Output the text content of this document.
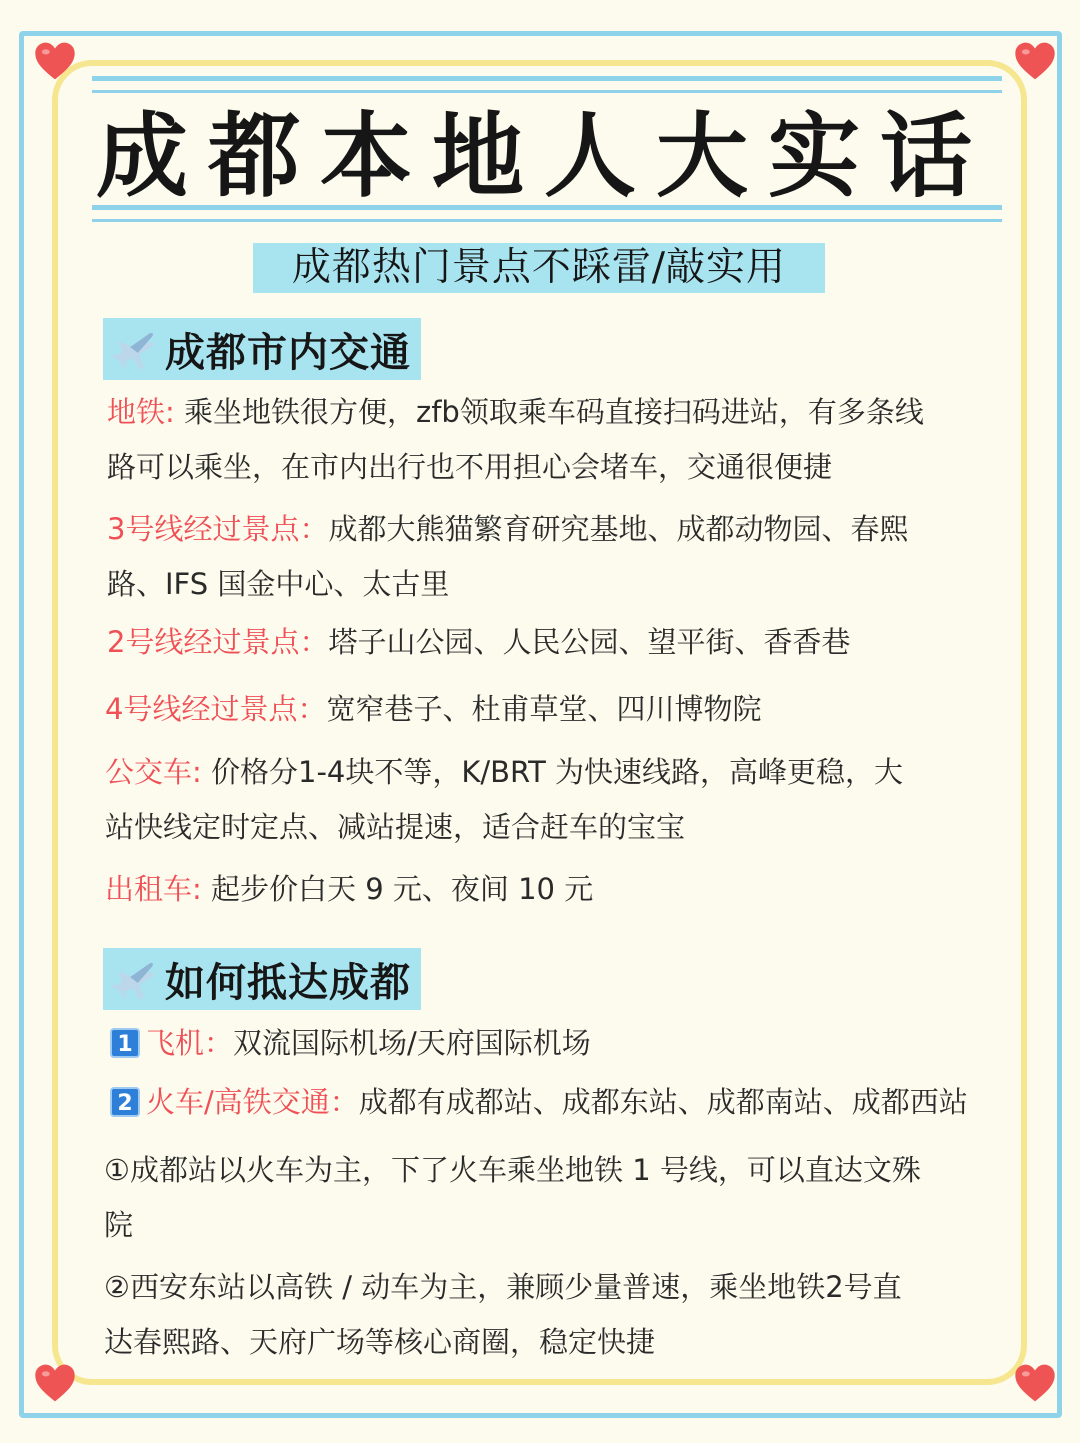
成都本地人大实话
成都热门景点不踩雷/敲实用
成都市内交通
地铁: 乘坐地铁很方便，zfb领取乘车码直接扫码进站，有多条线
路可以乘坐，在市内出行也不用担心会堵车，交通很便捷
3号线经过景点：成都大熊猫繁育研究基地、成都动物园、春熙
路、IFS 国金中心、太古里
2号线经过景点：塔子山公园、人民公园、望平街、香香巷
4号线经过景点：宽窄巷子、杜甫草堂、四川博物院
公交车: 价格分1-4块不等，K/BRT 为快速线路，高峰更稳，大
站快线定时定点、减站提速，适合赶车的宝宝
出租车: 起步价白天 9 元、夜间 10 元
如何抵达成都
1 飞机：双流国际机场/天府国际机场
2 火车/高铁交通：成都有成都站、成都东站、成都南站、成都西站
①成都站以火车为主，下了火车乘坐地铁 1 号线，可以直达文殊
院
②西安东站以高铁 / 动车为主，兼顾少量普速，乘坐地铁2号直
达春熙路、天府广场等核心商圈，稳定快捷
